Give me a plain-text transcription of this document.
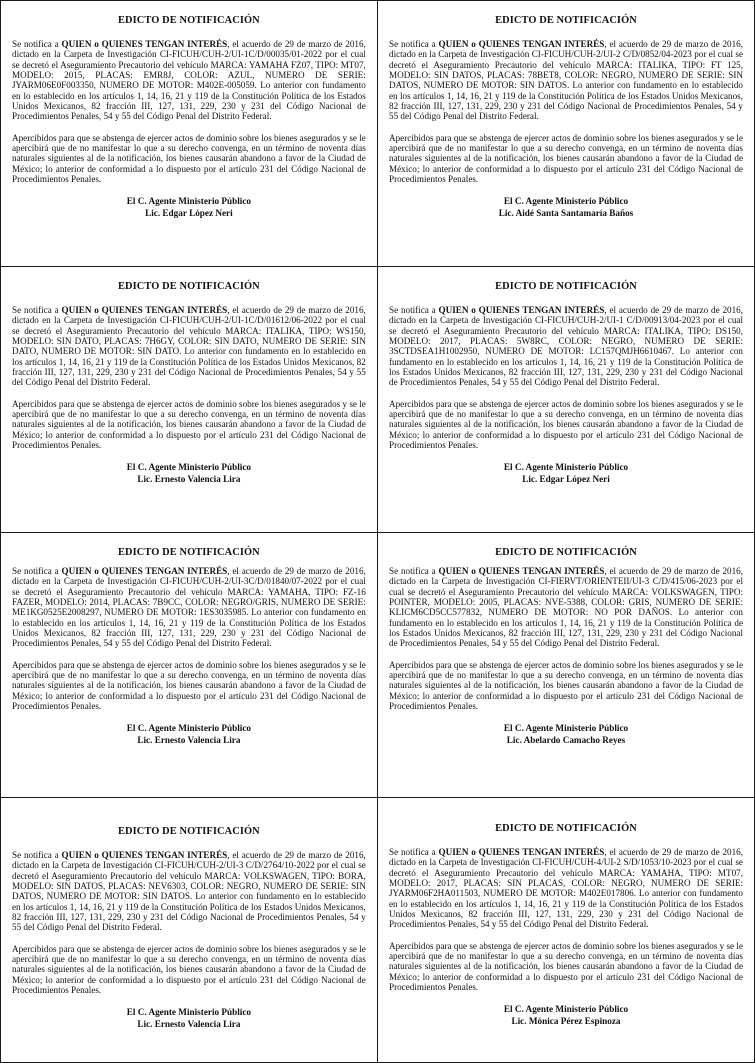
EDICTO DE NOTIFICACIÓN

Se notifica a QUIEN o QUIENES TENGAN INTERÉS, el acuerdo de 29 de marzo de 2016, dictado en la Carpeta de Investigación CI-FICUH/CUH-2/UI-1C/D/00035/01-2022 por el cual se decretó el Aseguramiento Precautorio del vehículo MARCA: YAMAHA FZ07, TIPO: MT07, MODELO: 2015, PLACAS: EMR8J, COLOR: AZUL, NUMERO DE SERIE: JYARM06E0F003350, NUMERO DE MOTOR: M402E-005059. Lo anterior con fundamento en lo establecido en los artículos 1, 14, 16, 21 y 119 de la Constitución Política de los Estados Unidos Mexicanos, 82 fracción III, 127, 131, 229, 230 y 231 del Código Nacional de Procedimientos Penales, 54 y 55 del Código Penal del Distrito Federal.

Apercibidos para que se abstenga de ejercer actos de dominio sobre los bienes asegurados y se le apercibirá que de no manifestar lo que a su derecho convenga, en un término de noventa días naturales siguientes al de la notificación, los bienes causarán abandono a favor de la Ciudad de México; lo anterior de conformidad a lo dispuesto por el artículo 231 del Código Nacional de Procedimientos Penales.

El C. Agente Ministerio Público
Lic. Edgar López Neri
EDICTO DE NOTIFICACIÓN

Se notifica a QUIEN o QUIENES TENGAN INTERÉS, el acuerdo de 29 de marzo de 2016, dictado en la Carpeta de Investigación CI-FICUH/CUH-2/UI-2 C/D/0852/04-2023 por el cual se decretó el Aseguramiento Precautorio del vehículo MARCA: ITALIKA, TIPO: FT 125, MODELO: SIN DATOS, PLACAS: 78BET8, COLOR: NEGRO, NUMERO DE SERIE: SIN DATOS, NUMERO DE MOTOR: SIN DATOS. Lo anterior con fundamento en lo establecido en los artículos 1, 14, 16, 21 y 119 de la Constitución Política de los Estados Unidos Mexicanos, 82 fracción III, 127, 131, 229, 230 y 231 del Código Nacional de Procedimientos Penales, 54 y 55 del Código Penal del Distrito Federal.

Apercibidos para que se abstenga de ejercer actos de dominio sobre los bienes asegurados y se le apercibirá que de no manifestar lo que a su derecho convenga, en un término de noventa días naturales siguientes al de la notificación, los bienes causarán abandono a favor de la Ciudad de México; lo anterior de conformidad a lo dispuesto por el artículo 231 del Código Nacional de Procedimientos Penales.

El C. Agente Ministerio Público
Lic. Aidé Santa Santamaría Baños
EDICTO DE NOTIFICACIÓN

Se notifica a QUIEN o QUIENES TENGAN INTERÉS, el acuerdo de 29 de marzo de 2016, dictado en la Carpeta de Investigación CI-FICUH/CUH-2/UI-1C/D/01612/06-2022 por el cual se decretó el Aseguramiento Precautorio del vehículo MARCA: ITALIKA, TIPO: WS150, MODELO: SIN DATO, PLACAS: 7H6GY, COLOR: SIN DATO, NUMERO DE SERIE: SIN DATO, NUMERO DE MOTOR: SIN DATO. Lo anterior con fundamento en lo establecido en los artículos 1, 14, 16, 21 y 119 de la Constitución Política de los Estados Unidos Mexicanos, 82 fracción III, 127, 131, 229, 230 y 231 del Código Nacional de Procedimientos Penales, 54 y 55 del Código Penal del Distrito Federal.

Apercibidos para que se abstenga de ejercer actos de dominio sobre los bienes asegurados y se le apercibirá que de no manifestar lo que a su derecho convenga, en un término de noventa días naturales siguientes al de la notificación, los bienes causarán abandono a favor de la Ciudad de México; lo anterior de conformidad a lo dispuesto por el artículo 231 del Código Nacional de Procedimientos Penales.

El C. Agente Ministerio Público
Lic. Ernesto Valencia Lira
EDICTO DE NOTIFICACIÓN

Se notifica a QUIEN o QUIENES TENGAN INTERÉS, el acuerdo de 29 de marzo de 2016, dictado en la Carpeta de Investigación CI-FICUH/CUH-2/UI-1 C/D/00913/04-2023 por el cual se decretó el Aseguramiento Precautorio del vehículo MARCA: ITALIKA, TIPO: DS150, MODELO: 2017, PLACAS: 5W8RC, COLOR: NEGRO, NUMERO DE SERIE: 3SCTDSEA1H1002950, NUMERO DE MOTOR: LC157QMJH6610467. Lo anterior con fundamento en lo establecido en los artículos 1, 14, 16, 21 y 119 de la Constitución Política de los Estados Unidos Mexicanos, 82 fracción III, 127, 131, 229, 230 y 231 del Código Nacional de Procedimientos Penales, 54 y 55 del Código Penal del Distrito Federal.

Apercibidos para que se abstenga de ejercer actos de dominio sobre los bienes asegurados y se le apercibirá que de no manifestar lo que a su derecho convenga, en un término de noventa días naturales siguientes al de la notificación, los bienes causarán abandono a favor de la Ciudad de México; lo anterior de conformidad a lo dispuesto por el artículo 231 del Código Nacional de Procedimientos Penales.

El C. Agente Ministerio Público
Lic. Edgar López Neri
EDICTO DE NOTIFICACIÓN

Se notifica a QUIEN o QUIENES TENGAN INTERÉS, el acuerdo de 29 de marzo de 2016, dictado en la Carpeta de Investigación CI-FICUH/CUH-2/UI-3C/D/01840/07-2022 por el cual se decretó el Aseguramiento Precautorio del vehículo MARCA: YAMAHA, TIPO: FZ-16 FAZER, MODELO: 2014, PLACAS: 7B9CC, COLOR: NEGRO/GRIS, NUMERO DE SERIE: ME1KG0525E2008297, NUMERO DE MOTOR: 1ES3035985. Lo anterior con fundamento en lo establecido en los artículos 1, 14, 16, 21 y 119 de la Constitución Política de los Estados Unidos Mexicanos, 82 fracción III, 127, 131, 229, 230 y 231 del Código Nacional de Procedimientos Penales, 54 y 55 del Código Penal del Distrito Federal.

Apercibidos para que se abstenga de ejercer actos de dominio sobre los bienes asegurados y se le apercibirá que de no manifestar lo que a su derecho convenga, en un término de noventa días naturales siguientes al de la notificación, los bienes causarán abandono a favor de la Ciudad de México; lo anterior de conformidad a lo dispuesto por el artículo 231 del Código Nacional de Procedimientos Penales.

El C. Agente Ministerio Público
Lic. Ernesto Valencia Lira
EDICTO DE NOTIFICACIÓN

Se notifica a QUIEN o QUIENES TENGAN INTERÉS, el acuerdo de 29 de marzo de 2016, dictado en la Carpeta de Investigación CI-FIERVT/ORIENTEII/UI-3 C/D/415/06-2023 por el cual se decretó el Aseguramiento Precautorio del vehículo MARCA: VOLKSWAGEN, TIPO: POINTER, MODELO: 2005, PLACAS: NVE-5388, COLOR: GRIS, NUMERO DE SERIE: KLICM6CD5CC577832, NUMERO DE MOTOR: NO POR DAÑOS. Lo anterior con fundamento en lo establecido en los artículos 1, 14, 16, 21 y 119 de la Constitución Política de los Estados Unidos Mexicanos, 82 fracción III, 127, 131, 229, 230 y 231 del Código Nacional de Procedimientos Penales, 54 y 55 del Código Penal del Distrito Federal.

Apercibidos para que se abstenga de ejercer actos de dominio sobre los bienes asegurados y se le apercibirá que de no manifestar lo que a su derecho convenga, en un término de noventa días naturales siguientes al de la notificación, los bienes causarán abandono a favor de la Ciudad de México; lo anterior de conformidad a lo dispuesto por el artículo 231 del Código Nacional de Procedimientos Penales.

El C. Agente Ministerio Público
Lic. Abelardo Camacho Reyes
EDICTO DE NOTIFICACIÓN

Se notifica a QUIEN o QUIENES TENGAN INTERÉS, el acuerdo de 29 de marzo de 2016, dictado en la Carpeta de Investigación CI-FICUH/CUH-2/UI-3 C/D/2764/10-2022 por el cual se decretó el Aseguramiento Precautorio del vehículo MARCA: VOLKSWAGEN, TIPO: BORA, MODELO: SIN DATOS, PLACAS: NEV6303, COLOR: NEGRO, NUMERO DE SERIE: SIN DATOS, NUMERO DE MOTOR: SIN DATOS. Lo anterior con fundamento en lo establecido en los artículos 1, 14, 16, 21 y 119 de la Constitución Política de los Estados Unidos Mexicanos, 82 fracción III, 127, 131, 229, 230 y 231 del Código Nacional de Procedimientos Penales, 54 y 55 del Código Penal del Distrito Federal.

Apercibidos para que se abstenga de ejercer actos de dominio sobre los bienes asegurados y se le apercibirá que de no manifestar lo que a su derecho convenga, en un término de noventa días naturales siguientes al de la notificación, los bienes causarán abandono a favor de la Ciudad de México; lo anterior de conformidad a lo dispuesto por el artículo 231 del Código Nacional de Procedimientos Penales.

El C. Agente Ministerio Público
Lic. Ernesto Valencia Lira
EDICTO DE NOTIFICACIÓN

Se notifica a QUIEN o QUIENES TENGAN INTERÉS, el acuerdo de 29 de marzo de 2016, dictado en la Carpeta de Investigación CI-FICUH/CUH-4/UI-2 S/D/1053/10-2023 por el cual se decretó el Aseguramiento Precautorio del vehículo MARCA: YAMAHA, TIPO: MT07, MODELO: 2017, PLACAS: SIN PLACAS, COLOR: NEGRO, NUMERO DE SERIE: JYARM06F2HA011503, NUMERO DE MOTOR: M402E017806. Lo anterior con fundamento en lo establecido en los artículos 1, 14, 16, 21 y 119 de la Constitución Política de los Estados Unidos Mexicanos, 82 fracción III, 127, 131, 229, 230 y 231 del Código Nacional de Procedimientos Penales, 54 y 55 del Código Penal del Distrito Federal.

Apercibidos para que se abstenga de ejercer actos de dominio sobre los bienes asegurados y se le apercibirá que de no manifestar lo que a su derecho convenga, en un término de noventa días naturales siguientes al de la notificación, los bienes causarán abandono a favor de la Ciudad de México; lo anterior de conformidad a lo dispuesto por el artículo 231 del Código Nacional de Procedimientos Penales.

El C. Agente Ministerio Público
Lic. Mónica Pérez Espinoza
